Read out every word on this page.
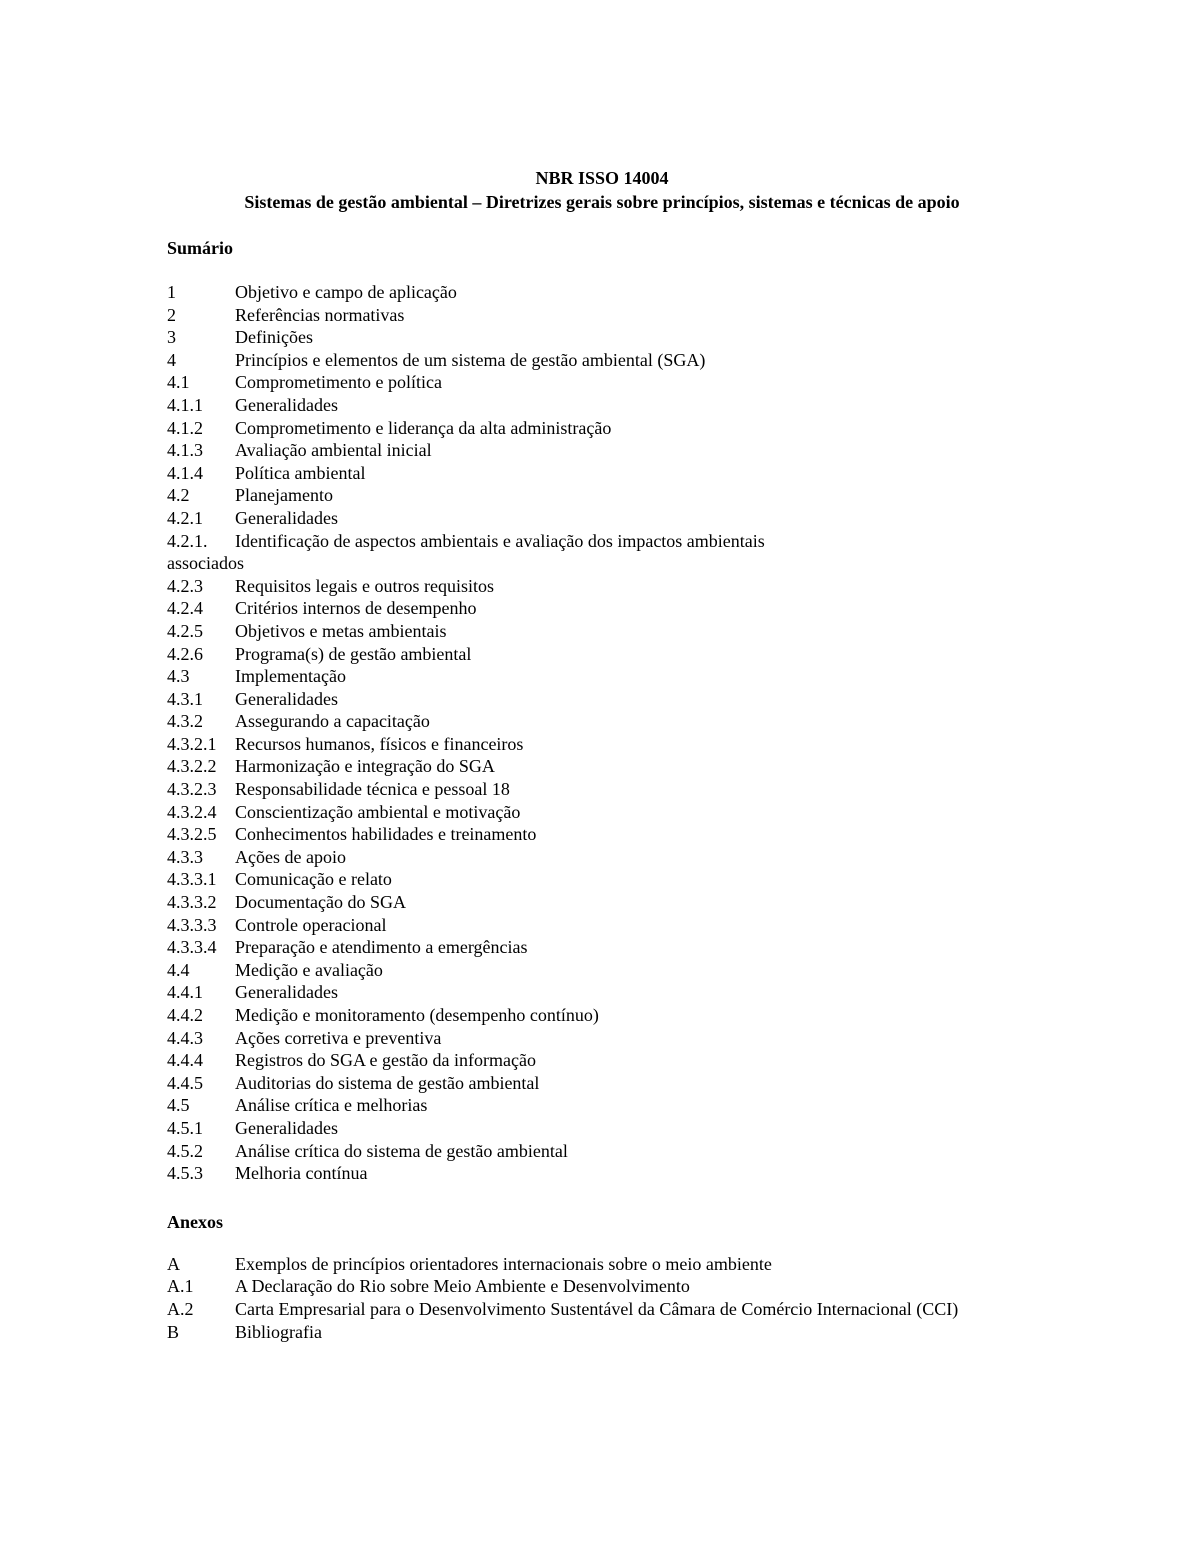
NBR ISSO 14004
Sistemas de gestão ambiental – Diretrizes gerais sobre princípios, sistemas e técnicas de apoio
Sumário
1	Objetivo e campo de aplicação
2	Referências normativas
3	Definições
4	Princípios e elementos de um sistema de gestão ambiental (SGA)
4.1	Comprometimento e política
4.1.1	Generalidades
4.1.2	Comprometimento e liderança da alta administração
4.1.3	Avaliação ambiental inicial
4.1.4	Política ambiental
4.2	Planejamento
4.2.1	Generalidades
4.2.1.	Identificação de aspectos ambientais e avaliação dos impactos ambientais
associados
4.2.3	Requisitos legais e outros requisitos
4.2.4	Critérios internos de desempenho
4.2.5	Objetivos e metas ambientais
4.2.6	Programa(s) de gestão ambiental
4.3	Implementação
4.3.1	Generalidades
4.3.2	Assegurando a capacitação
4.3.2.1	Recursos humanos, físicos e financeiros
4.3.2.2	Harmonização e integração do SGA
4.3.2.3	Responsabilidade técnica e pessoal 18
4.3.2.4	Conscientização ambiental e motivação
4.3.2.5	Conhecimentos habilidades e treinamento
4.3.3	Ações de apoio
4.3.3.1	Comunicação e relato
4.3.3.2	Documentação do SGA
4.3.3.3	Controle operacional
4.3.3.4	Preparação e atendimento a emergências
4.4	Medição e avaliação
4.4.1	Generalidades
4.4.2	Medição e monitoramento (desempenho contínuo)
4.4.3	Ações corretiva e preventiva
4.4.4	Registros do SGA e gestão da informação
4.4.5	Auditorias do sistema de gestão ambiental
4.5	Análise crítica e melhorias
4.5.1	Generalidades
4.5.2	Análise crítica do sistema de gestão ambiental
4.5.3	Melhoria contínua
Anexos
A	Exemplos de princípios orientadores internacionais sobre o meio ambiente
A.1	A Declaração do Rio sobre Meio Ambiente e Desenvolvimento
A.2	Carta Empresarial para o Desenvolvimento Sustentável da Câmara de Comércio Internacional (CCI)
B	Bibliografia
